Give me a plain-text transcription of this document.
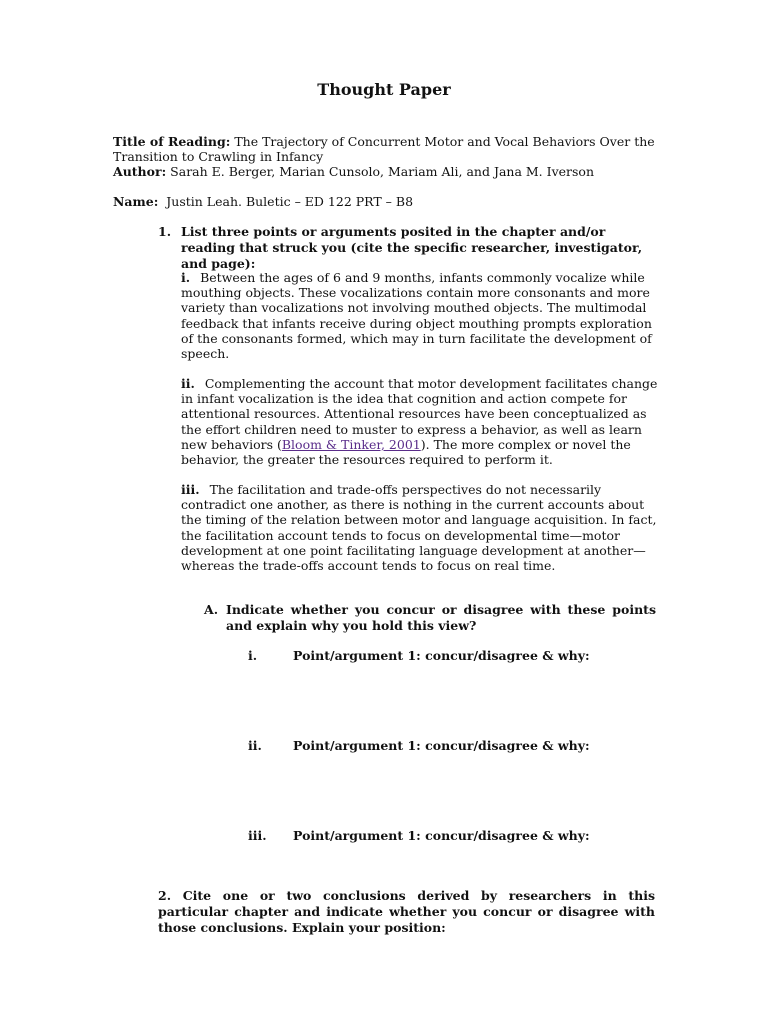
Thought Paper
Title of Reading: The Trajectory of Concurrent Motor and Vocal Behaviors Over the
Transition to Crawling in Infancy
Author: Sarah E. Berger, Marian Cunsolo, Mariam Ali, and Jana M. Iverson
Name: Justin Leah. Buletic – ED 122 PRT – B8
1. List three points or arguments posited in the chapter and/or reading that struck you (cite the specific researcher, investigator, and page):
i. Between the ages of 6 and 9 months, infants commonly vocalize while mouthing objects. These vocalizations contain more consonants and more variety than vocalizations not involving mouthed objects. The multimodal feedback that infants receive during object mouthing prompts exploration of the consonants formed, which may in turn facilitate the development of speech.
ii. Complementing the account that motor development facilitates change in infant vocalization is the idea that cognition and action compete for attentional resources. Attentional resources have been conceptualized as the effort children need to muster to express a behavior, as well as learn new behaviors (Bloom & Tinker, 2001). The more complex or novel the behavior, the greater the resources required to perform it.
iii. The facilitation and trade-offs perspectives do not necessarily contradict one another, as there is nothing in the current accounts about the timing of the relation between motor and language acquisition. In fact, the facilitation account tends to focus on developmental time—motor development at one point facilitating language development at another—whereas the trade-offs account tends to focus on real time.
A. Indicate whether you concur or disagree with these points and explain why you hold this view?
i.	Point/argument 1: concur/disagree & why:
ii. Point/argument 1: concur/disagree & why:
iii. Point/argument 1: concur/disagree & why:
2. Cite one or two conclusions derived by researchers in this particular chapter and indicate whether you concur or disagree with those conclusions. Explain your position:
